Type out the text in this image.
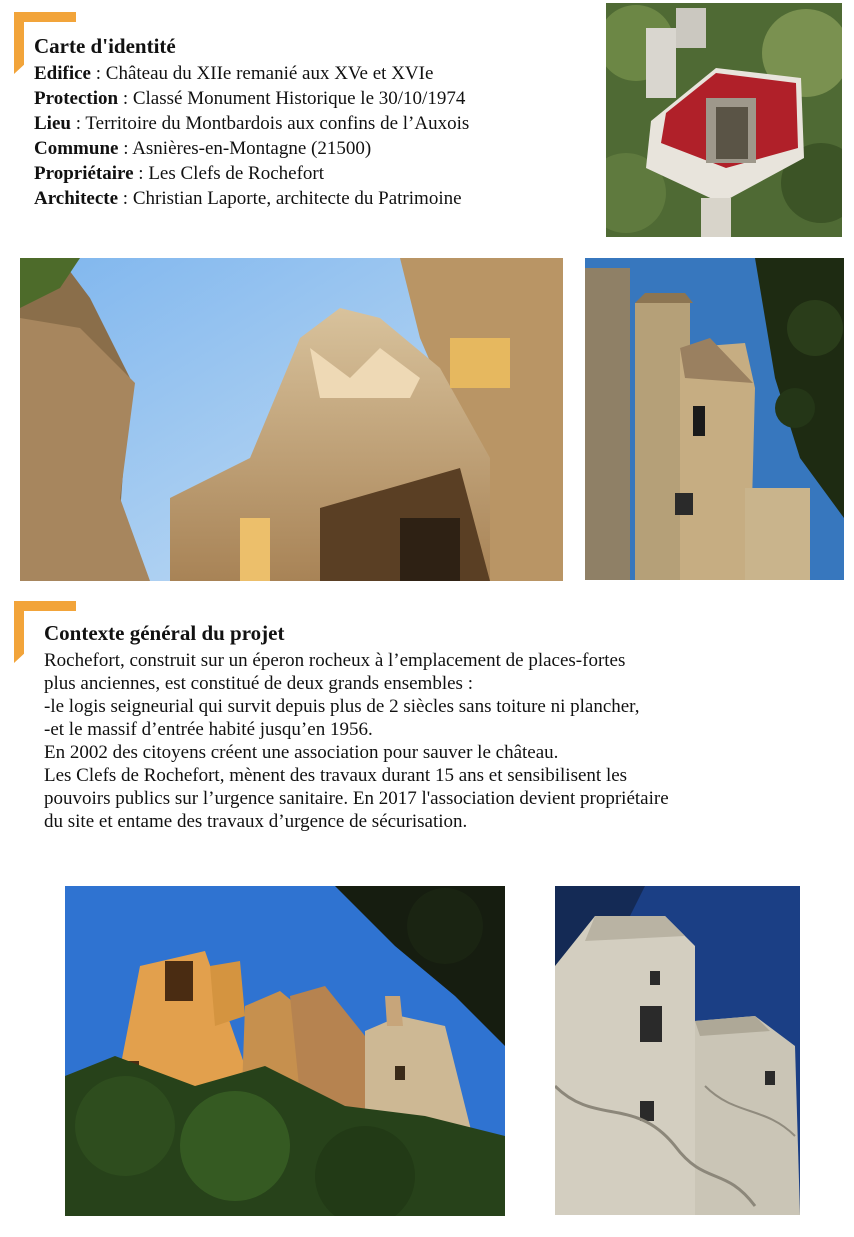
Carte d'identité
Edifice : Château du XIIe remanié aux XVe et XVIe
Protection : Classé Monument Historique le 30/10/1974
Lieu : Territoire du Montbardois aux confins de l’Auxois
Commune : Asnières-en-Montagne (21500)
Propriétaire : Les Clefs de Rochefort
Architecte : Christian Laporte, architecte du Patrimoine
Contexte général du projet
Rochefort, construit sur un éperon rocheux à l’emplacement de places-fortes
plus anciennes, est constitué de deux grands ensembles :
-le logis seigneurial qui survit depuis plus de 2 siècles sans toiture ni plancher,
-et le massif d’entrée habité jusqu’en 1956.
En 2002 des citoyens créent une association pour sauver le château.
Les Clefs de Rochefort, mènent des travaux durant 15 ans et sensibilisent les
pouvoirs publics sur l’urgence sanitaire. En 2017 l'association devient propriétaire
du site et entame des travaux d’urgence de sécurisation.
